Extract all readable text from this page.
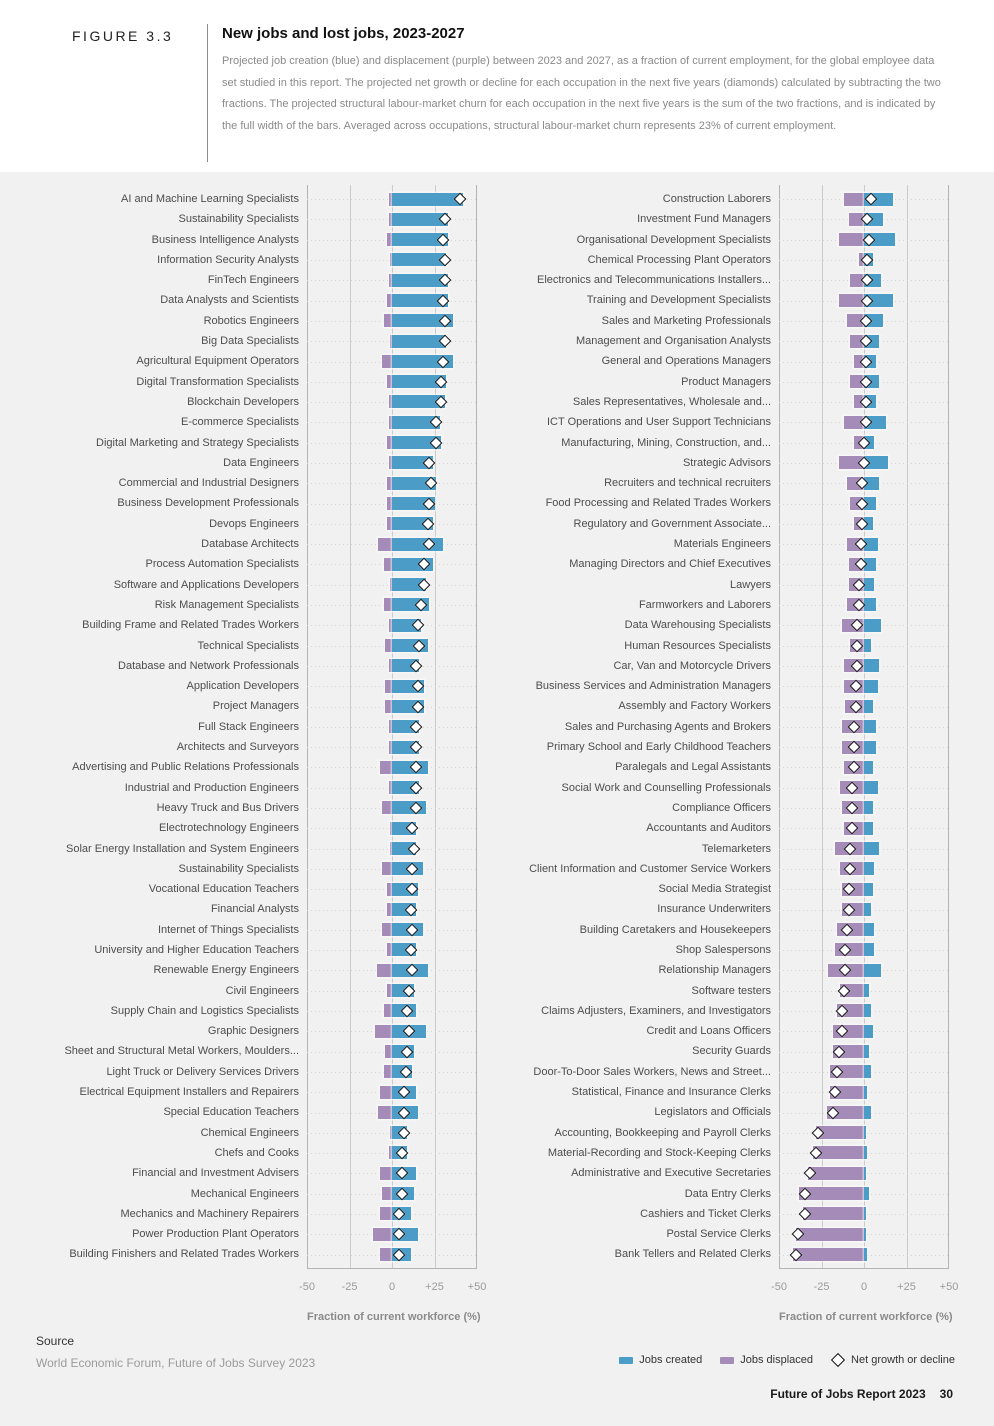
FIGURE 3.3	New jobs and lost jobs, 2023-2027
Projected job creation (blue) and displacement (purple) between 2023 and 2027, as a fraction of current employment, for the global employee data set studied in this report. The projected net growth or decline for each occupation in the next five years (diamonds) calculated by subtracting the two fractions. The projected structural labour-market churn for each occupation in the next five years is the sum of the two fractions, and is indicated by the full width of the bars. Averaged across occupations, structural labour-market churn represents 23% of current employment.
AI and Machine Learning Specialists
Sustainability Specialists
Business Intelligence Analysts
Information Security Analysts
FinTech Engineers
Data Analysts and Scientists
Robotics Engineers
Big Data Specialists
Agricultural Equipment Operators
Digital Transformation Specialists
Blockchain Developers
E-commerce Specialists
Digital Marketing and Strategy Specialists
Data Engineers
Commercial and Industrial Designers
Business Development Professionals
Devops Engineers
Database Architects
Process Automation Specialists
Software and Applications Developers
Risk Management Specialists
Building Frame and Related Trades Workers
Technical Specialists
Database and Network Professionals
Application Developers
Project Managers
Full Stack Engineers
Architects and Surveyors
Advertising and Public Relations Professionals
Industrial and Production Engineers
Heavy Truck and Bus Drivers
Electrotechnology Engineers
Solar Energy Installation and System Engineers
Sustainability Specialists
Vocational Education Teachers
Financial Analysts
Internet of Things Specialists
University and Higher Education Teachers
Renewable Energy Engineers
Civil Engineers
Supply Chain and Logistics Specialists
Graphic Designers
Sheet and Structural Metal Workers, Moulders...
Light Truck or Delivery Services Drivers
Electrical Equipment Installers and Repairers
Special Education Teachers
Chemical Engineers
Chefs and Cooks
Financial and Investment Advisers
Mechanical Engineers
Mechanics and Machinery Repairers
Power Production Plant Operators
Building Finishers and Related Trades Workers
-50 -25	0	+25 +50
Fraction of current workforce (%)
Construction Laborers
Investment Fund Managers
Organisational Development Specialists
Chemical Processing Plant Operators
Electronics and Telecommunications Installers...
Training and Development Specialists
Sales and Marketing Professionals
Management and Organisation Analysts
General and Operations Managers
Product Managers
Sales Representatives, Wholesale and...
ICT Operations and User Support Technicians
Manufacturing, Mining, Construction, and...
Strategic Advisors
Recruiters and technical recruiters
Food Processing and Related Trades Workers
Regulatory and Government Associate...
Materials Engineers
Managing Directors and Chief Executives
Lawyers
Farmworkers and Laborers
Data Warehousing Specialists
Human Resources Specialists
Car, Van and Motorcycle Drivers
Business Services and Administration Managers
Assembly and Factory Workers
Sales and Purchasing Agents and Brokers
Primary School and Early Childhood Teachers
Paralegals and Legal Assistants
Social Work and Counselling Professionals
Compliance Officers
Accountants and Auditors
Telemarketers
Client Information and Customer Service Workers
Social Media Strategist
Insurance Underwriters
Building Caretakers and Housekeepers
Shop Salespersons
Relationship Managers
Software testers
Claims Adjusters, Examiners, and Investigators
Credit and Loans Officers
Security Guards
Door-To-Door Sales Workers, News and Street...
Statistical, Finance and Insurance Clerks
Legislators and Officials
Accounting, Bookkeeping and Payroll Clerks
Material-Recording and Stock-Keeping Clerks
Administrative and Executive Secretaries
Data Entry Clerks
Cashiers and Ticket Clerks
Postal Service Clerks
Bank Tellers and Related Clerks
-50 -25	0	+25 +50
Fraction of current workforce (%)
Source
World Economic Forum, Future of Jobs Survey 2023	Jobs created	Jobs displaced	Net growth or decline
Future of Jobs Report 2023 30
